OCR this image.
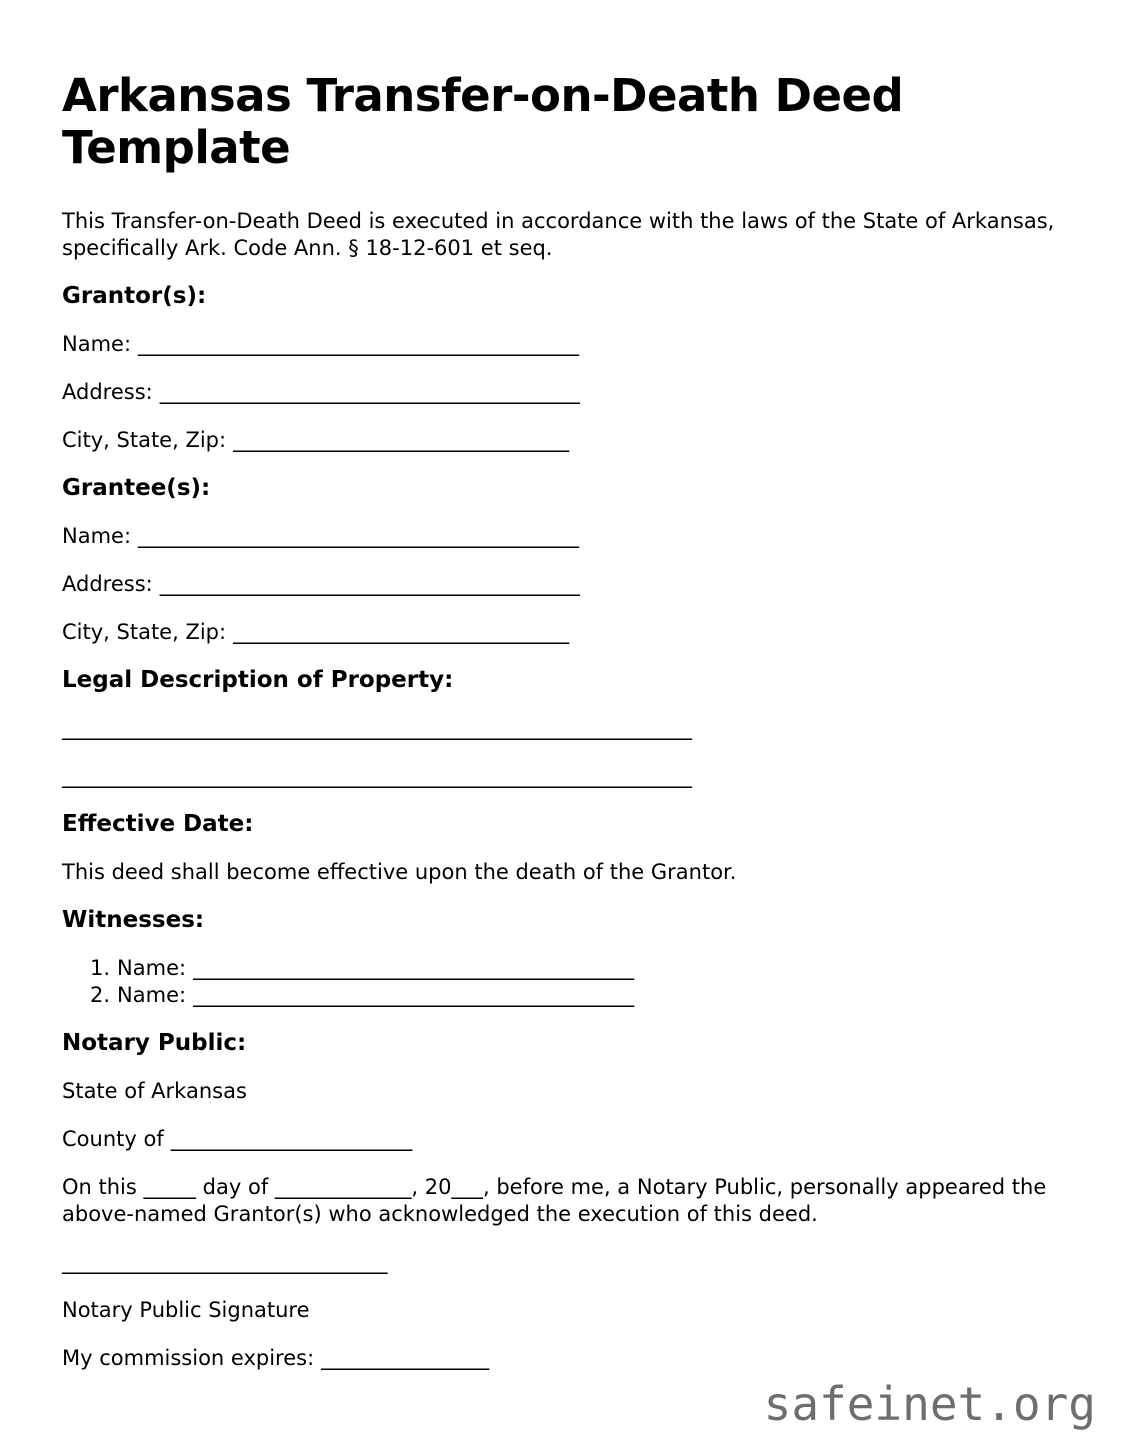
Arkansas Transfer-on-Death Deed Template

This Transfer-on-Death Deed is executed in accordance with the laws of the State of Arkansas, specifically Ark. Code Ann. § 18-12-601 et seq.

Grantor(s):

Name: __________________________________________

Address: ________________________________________

City, State, Zip: ________________________________

Grantee(s):

Name: __________________________________________

Address: ________________________________________

City, State, Zip: ________________________________

Legal Description of Property:

____________________________________________________________

____________________________________________________________

Effective Date:

This deed shall become effective upon the death of the Grantor.

Witnesses:

1. Name: __________________________________________
2. Name: __________________________________________

Notary Public:

State of Arkansas

County of _______________________

On this _____ day of _____________, 20___, before me, a Notary Public, personally appeared the above-named Grantor(s) who acknowledged the execution of this deed.

_______________________________

Notary Public Signature

My commission expires: ________________

safeinet.org
